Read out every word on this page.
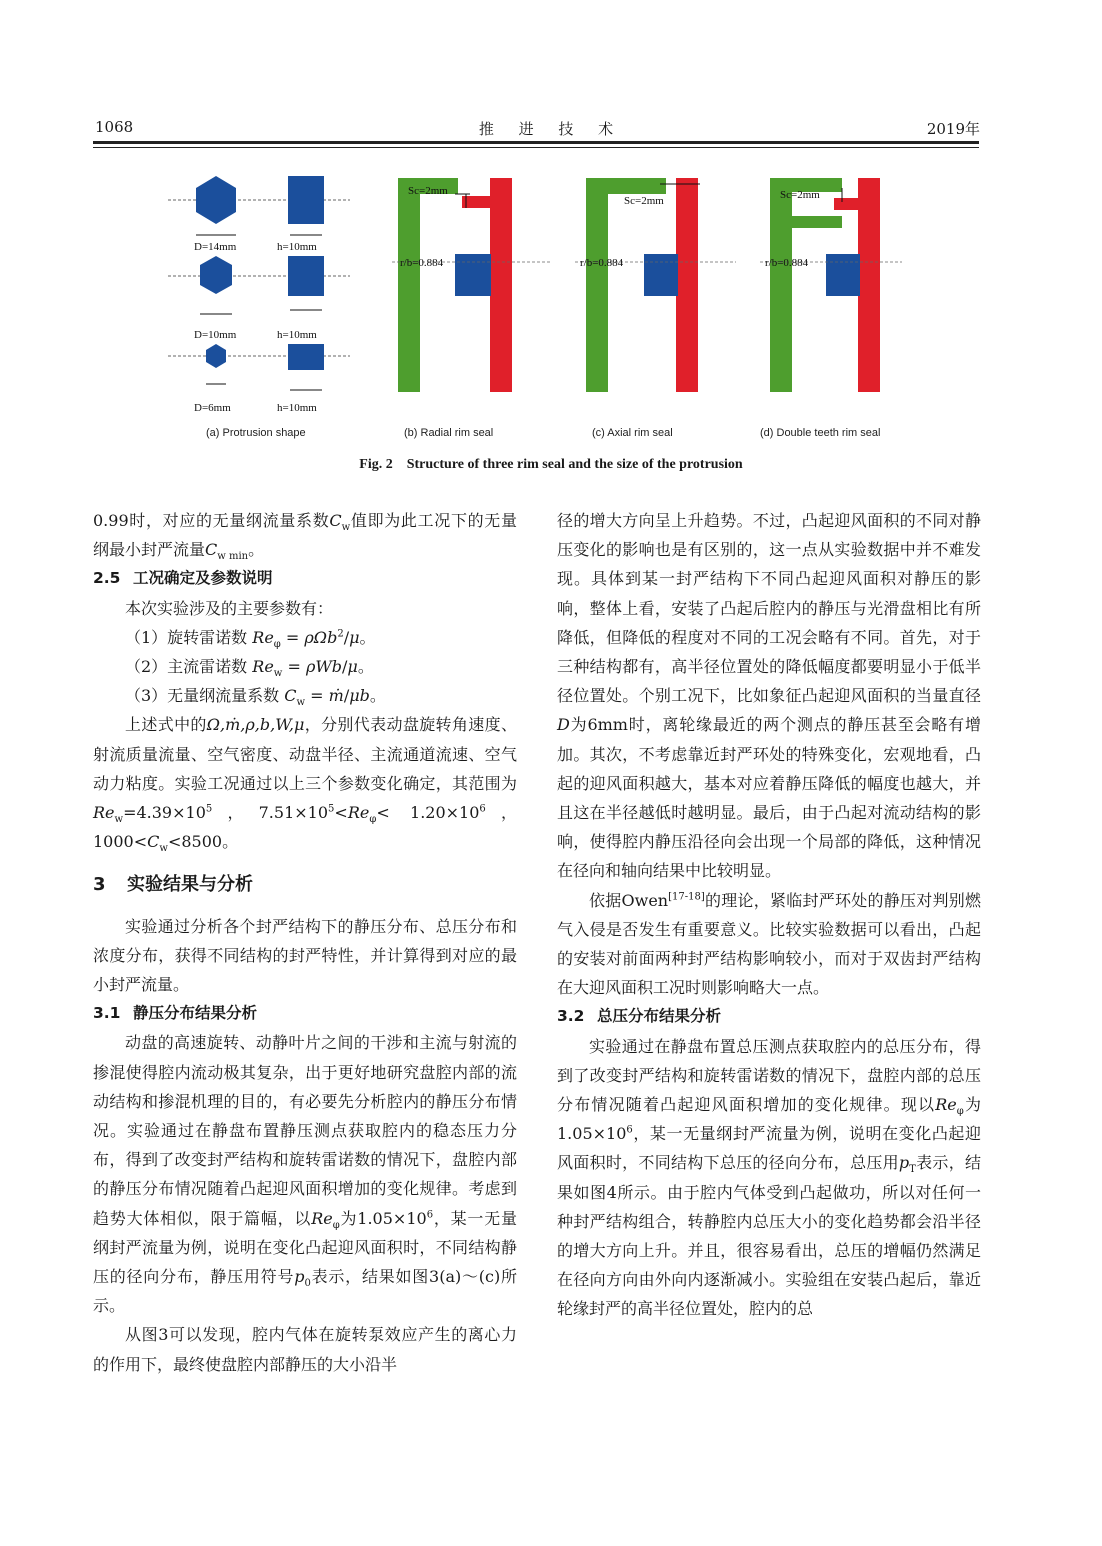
1068	推 进 技 术	2019年
D=14mm	h=10mm
D=10mm	h=10mm
D=6mm	h=10mm
Sc=2mm
r/b=0.884
Sc=2mm
r/b=0.884
Sc=2mm
r/b=0.884
(a) Protrusion shape	(b) Radial rim seal	(c) Axial rim seal	(d) Double teeth rim seal
Fig. 2 Structure of three rim seal and the size of the protrusion

0.99时，对应的无量纲流量系数$C_w$值即为此工况下的无量纲最小封严流量$C_{w min}$。

2.5 工况确定及参数说明

本次实验涉及的主要参数有：

（1）旋转雷诺数 $Re_\varphi = \rho\Omega b^2/\mu$。

（2）主流雷诺数 $Re_w = \rho Wb/\mu$。

（3）无量纲流量系数 $C_w$ = ṁ/μb。

上述式中的Ω,ṁ,ρ,b,W,μ，分别代表动盘旋转角速度、射流质量流量、空气密度、动盘半径、主流通道流速、空气动力粘度。实验工况通过以上三个参数变化确定，其范围为$Re_w=4.39\times 10^5$，$7.51\times 10^5<Re_\varphi< 1.20\times 10^6$，$1000<C_w<8500$。

3 实验结果与分析

实验通过分析各个封严结构下的静压分布、总压分布和浓度分布，获得不同结构的封严特性，并计算得到对应的最小封严流量。

3.1 静压分布结果分析

动盘的高速旋转、动静叶片之间的干涉和主流与射流的掺混使得腔内流动极其复杂，出于更好地研究盘腔内部的流动结构和掺混机理的目的，有必要先分析腔内的静压分布情况。实验通过在静盘布置静压测点获取腔内的稳态压力分布，得到了改变封严结构和旋转雷诺数的情况下，盘腔内部的静压分布情况随着凸起迎风面积增加的变化规律。考虑到趋势大体相似，限于篇幅，以$Re_\varphi$为$1.05\times 10^6$，某一无量纲封严流量为例，说明在变化凸起迎风面积时，不同结构静压的径向分布，静压用符号$p_0$表示，结果如图3(a)～(c)所示。

从图3可以发现，腔内气体在旋转泵效应产生的离心力的作用下，最终使盘腔内部静压的大小沿半

径的增大方向呈上升趋势。不过，凸起迎风面积的不同对静压变化的影响也是有区别的，这一点从实验数据中并不难发现。具体到某一封严结构下不同凸起迎风面积对静压的影响，整体上看，安装了凸起后腔内的静压与光滑盘相比有所降低，但降低的程度对不同的工况会略有不同。首先，对于三种结构都有，高半径位置处的降低幅度都要明显小于低半径位置处。个别工况下，比如象征凸起迎风面积的当量直径D为6mm时，离轮缘最近的两个测点的静压甚至会略有增加。其次，不考虑靠近封严环处的特殊变化，宏观地看，凸起的迎风面积越大，基本对应着静压降低的幅度也越大，并且这在半径越低时越明显。最后，由于凸起对流动结构的影响，使得腔内静压沿径向会出现一个局部的降低，这种情况在径向和轴向结果中比较明显。

依据Owen[17-18]的理论，紧临封严环处的静压对判别燃气入侵是否发生有重要意义。比较实验数据可以看出，凸起的安装对前面两种封严结构影响较小，而对于双齿封严结构在大迎风面积工况时则影响略大一点。

3.2 总压分布结果分析

实验通过在静盘布置总压测点获取腔内的总压分布，得到了改变封严结构和旋转雷诺数的情况下，盘腔内部的总压分布情况随着凸起迎风面积增加的变化规律。现以$Re_\varphi$为$1.05\times 10^6$，某一无量纲封严流量为例，说明在变化凸起迎风面积时，不同结构下总压的径向分布，总压用$p_T$表示，结果如图4所示。由于腔内气体受到凸起做功，所以对任何一种封严结构组合，转静腔内总压大小的变化趋势都会沿半径的增大方向上升。并且，很容易看出，总压的增幅仍然满足在径向方向由外向内逐渐减小。实验组在安装凸起后，靠近轮缘封严的高半径位置处，腔内的总
